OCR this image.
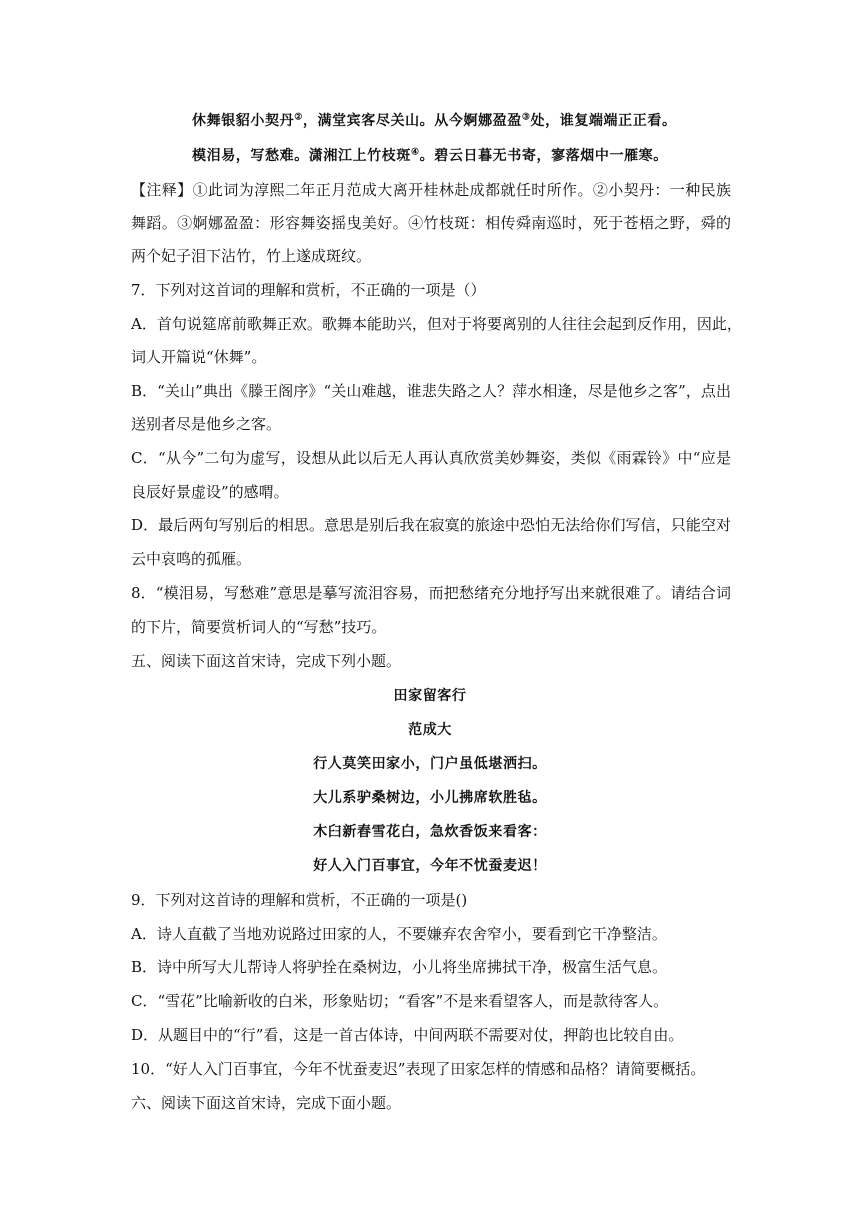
休舞银貂小契丹②，满堂宾客尽关山。从今婀娜盈盈③处，谁复端端正正看。
模泪易，写愁难。潇湘江上竹枝斑④。碧云日暮无书寄，寥落烟中一雁寒。
【注释】①此词为淳熙二年正月范成大离开桂林赴成都就任时所作。②小契丹：一种民族
舞蹈。③婀娜盈盈：形容舞姿摇曳美好。④竹枝斑：相传舜南巡时，死于苍梧之野，舜的
两个妃子泪下沾竹，竹上遂成斑纹。
7．下列对这首词的理解和赏析，不正确的一项是（）
A．首句说筵席前歌舞正欢。歌舞本能助兴，但对于将要离别的人往往会起到反作用，因此，
词人开篇说“休舞”。
B．“关山”典出《滕王阁序》“关山难越，谁悲失路之人？萍水相逢，尽是他乡之客”，点出
送别者尽是他乡之客。
C．“从今”二句为虚写，设想从此以后无人再认真欣赏美妙舞姿，类似《雨霖铃》中“应是
良辰好景虚设”的感喟。
D．最后两句写别后的相思。意思是别后我在寂寞的旅途中恐怕无法给你们写信，只能空对
云中哀鸣的孤雁。
8．“模泪易，写愁难”意思是摹写流泪容易，而把愁绪充分地抒写出来就很难了。请结合词
的下片，简要赏析词人的“写愁”技巧。
五、阅读下面这首宋诗，完成下列小题。
田家留客行
范成大
行人莫笑田家小，门户虽低堪洒扫。
大儿系驴桑树边，小儿拂席软胜毡。
木臼新舂雪花白，急炊香饭来看客：
好人入门百事宜，今年不忧蚕麦迟！
9．下列对这首诗的理解和赏析，不正确的一项是()
A．诗人直截了当地劝说路过田家的人，不要嫌弃农舍窄小，要看到它干净整洁。
B．诗中所写大儿帮诗人将驴拴在桑树边，小儿将坐席拂拭干净，极富生活气息。
C．“雪花”比喻新收的白米，形象贴切；“看客”不是来看望客人，而是款待客人。
D．从题目中的“行”看，这是一首古体诗，中间两联不需要对仗，押韵也比较自由。
10．“好人入门百事宜，今年不忧蚕麦迟”表现了田家怎样的情感和品格？请简要概括。
六、阅读下面这首宋诗，完成下面小题。
